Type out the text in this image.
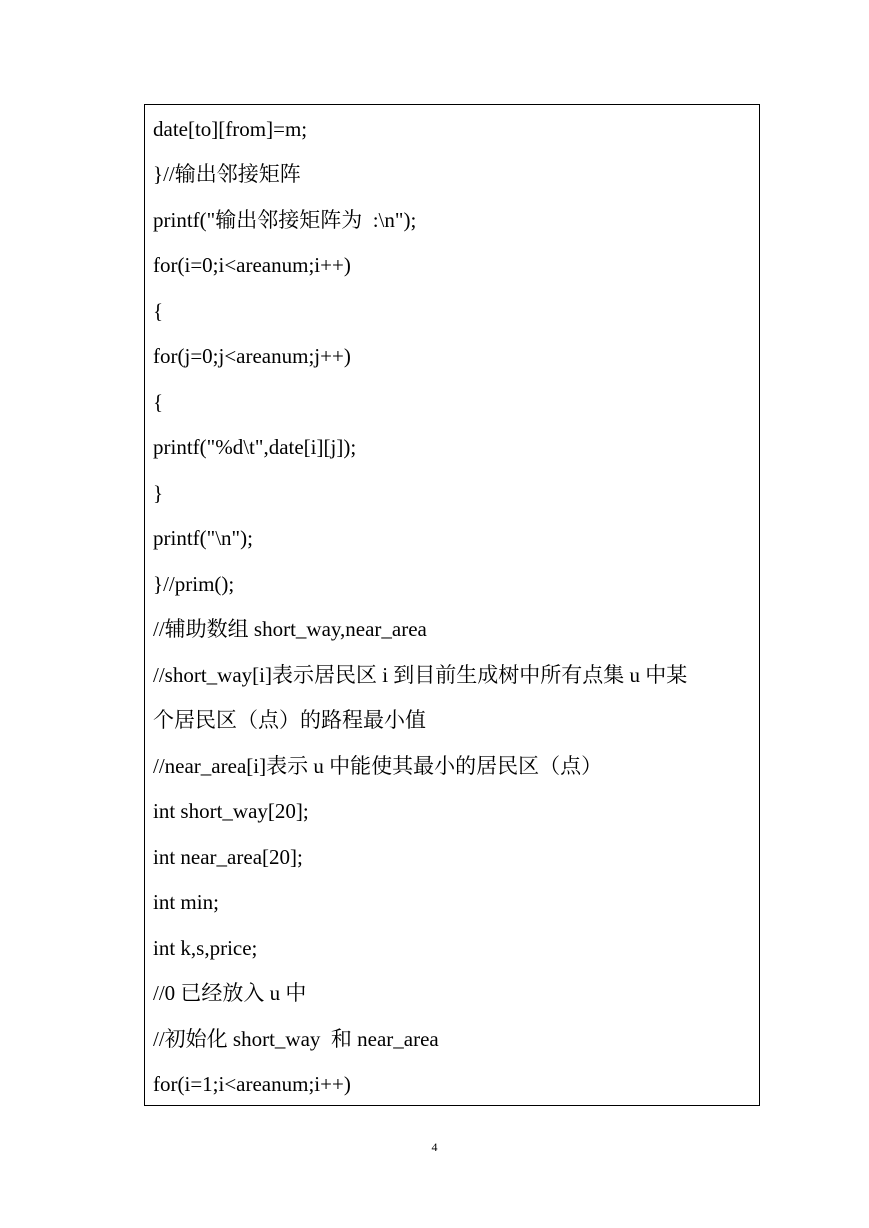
date[to][from]=m;
}//输出邻接矩阵
printf("输出邻接矩阵为  :\n");
for(i=0;i<areanum;i++)
{
for(j=0;j<areanum;j++)
{
printf("%d\t",date[i][j]);
}
printf("\n");
}//prim();
//辅助数组 short_way,near_area
//short_way[i]表示居民区 i 到目前生成树中所有点集 u 中某
个居民区（点）的路程最小值
//near_area[i]表示 u 中能使其最小的居民区（点）
int short_way[20];
int near_area[20];
int min;
int k,s,price;
//0 已经放入 u 中
//初始化 short_way  和 near_area
for(i=1;i<areanum;i++)
4
